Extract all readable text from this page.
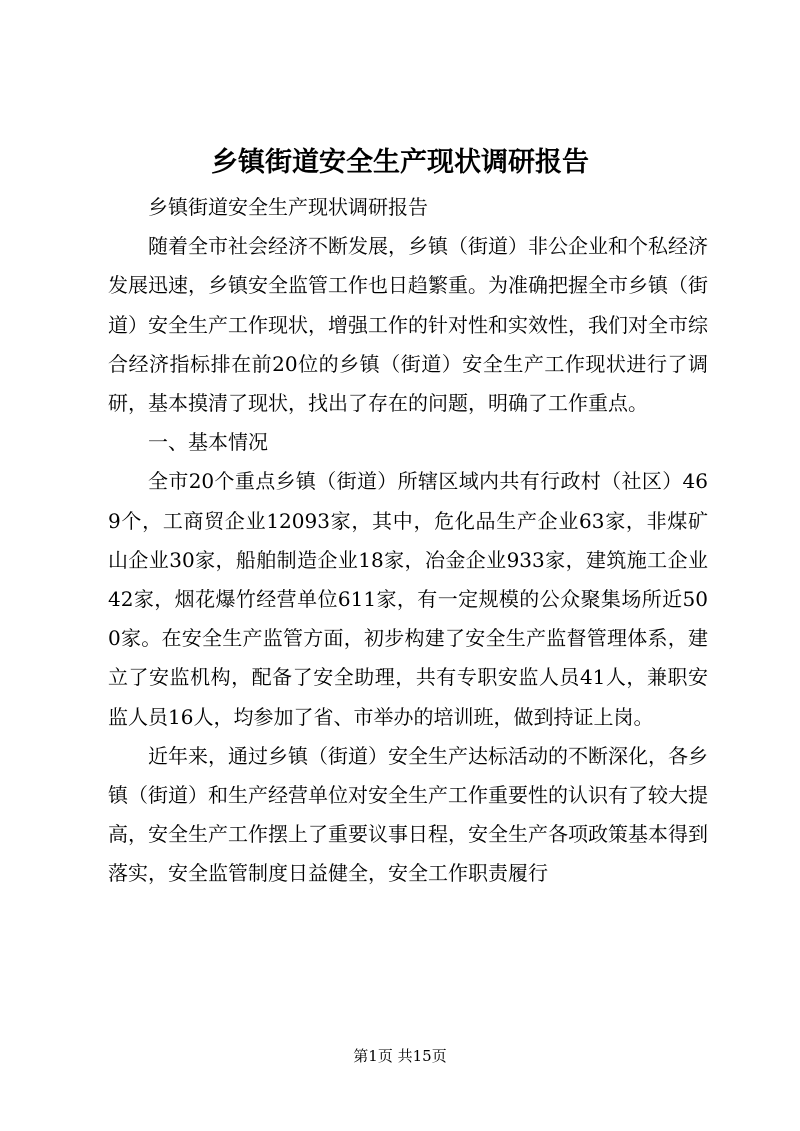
乡镇街道安全生产现状调研报告

乡镇街道安全生产现状调研报告

随着全市社会经济不断发展，乡镇（街道）非公企业和个私经济发展迅速，乡镇安全监管工作也日趋繁重。为准确把握全市乡镇（街道）安全生产工作现状，增强工作的针对性和实效性，我们对全市综合经济指标排在前20位的乡镇（街道）安全生产工作现状进行了调研，基本摸清了现状，找出了存在的问题，明确了工作重点。

一、基本情况

全市20个重点乡镇（街道）所辖区域内共有行政村（社区）469个，工商贸企业12093家，其中，危化品生产企业63家，非煤矿山企业30家，船舶制造企业18家，冶金企业933家，建筑施工企业42家，烟花爆竹经营单位611家，有一定规模的公众聚集场所近500家。在安全生产监管方面，初步构建了安全生产监督管理体系，建立了安监机构，配备了安全助理，共有专职安监人员41人，兼职安监人员16人，均参加了省、市举办的培训班，做到持证上岗。

近年来，通过乡镇（街道）安全生产达标活动的不断深化，各乡镇（街道）和生产经营单位对安全生产工作重要性的认识有了较大提高，安全生产工作摆上了重要议事日程，安全生产各项政策基本得到落实，安全监管制度日益健全，安全工作职责履行

第1页 共15页
